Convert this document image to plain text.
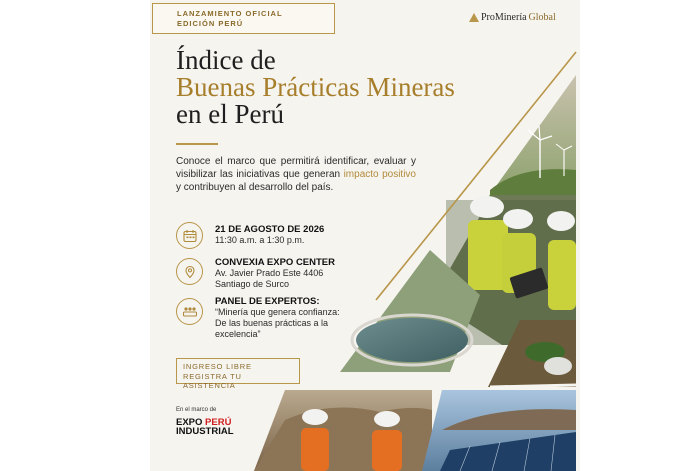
LANZAMIENTO OFICIAL
EDICIÓN PERÚ	ProMinería Global
Índice de
Buenas Prácticas Mineras
en el Perú

Conoce el marco que permitirá identificar, evaluar y visibilizar las iniciativas que generan impacto positivo y contribuyen al desarrollo del país.

21 DE AGOSTO DE 2026
11:30 a.m. a 1:30 p.m.
CONVEXIA EXPO CENTER
Av. Javier Prado Este 4406
Santiago de Surco
PANEL DE EXPERTOS:
“Minería que genera confianza:
De las buenas prácticas a la
excelencia”
INGRESO LIBRE
REGISTRA TU ASISTENCIA
En el marco de
EXPO PERÚ
INDUSTRIAL
